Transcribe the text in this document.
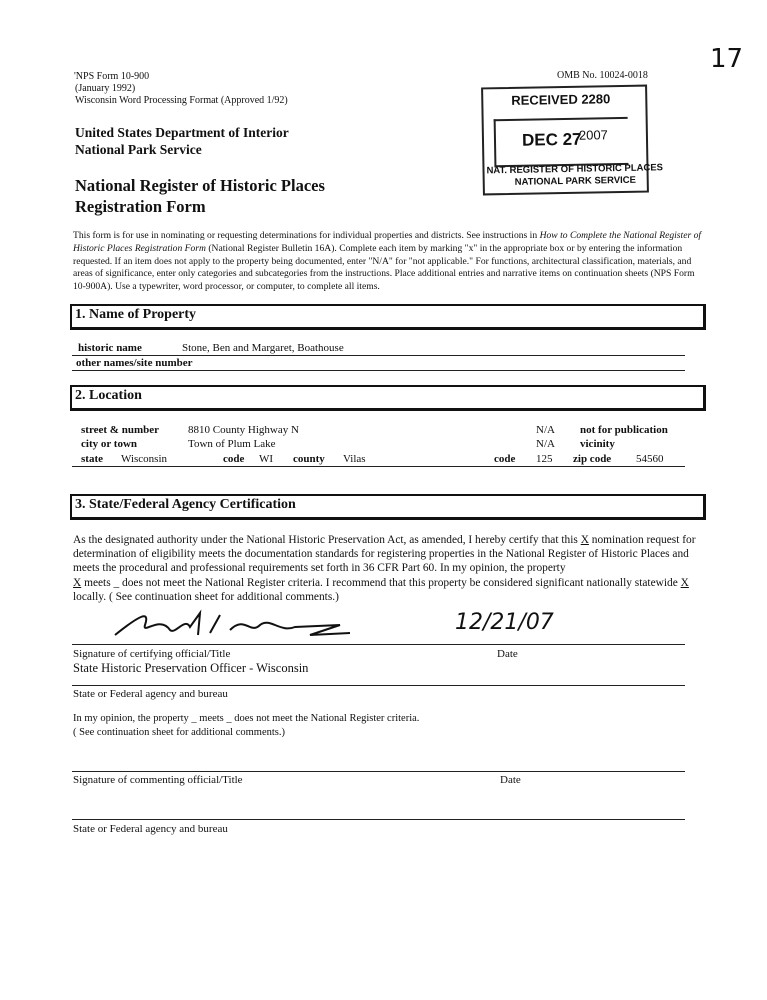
'NPS Form 10-900
(January 1992)
Wisconsin Word Processing Format (Approved 1/92)
OMB No. 10024-0018
17
United States Department of Interior
National Park Service
National Register of Historic Places
Registration Form
RECEIVED 2280
DEC 27
2007
NAT. REGISTER OF HISTORIC PLACES
NATIONAL PARK SERVICE
This form is for use in nominating or requesting determinations for individual properties and districts. See instructions in How to Complete the National Register of Historic Places Registration Form (National Register Bulletin 16A). Complete each item by marking "x" in the appropriate box or by entering the information requested. If an item does not apply to the property being documented, enter "N/A" for "not applicable." For functions, architectural classification, materials, and areas of significance, enter only categories and subcategories from the instructions. Place additional entries and narrative items on continuation sheets (NPS Form 10-900A). Use a typewriter, word processor, or computer, to complete all items.
1. Name of Property
historic name	Stone, Ben and Margaret, Boathouse
other names/site number
2. Location
street & number	8810 County Highway N	N/A not for publication
city or town	Town of Plum Lake	N/A vicinity
state Wisconsin	code WI county Vilas	code 125 zip code 54560
3. State/Federal Agency Certification
As the designated authority under the National Historic Preservation Act, as amended, I hereby certify that this X nomination request for determination of eligibility meets the documentation standards for registering properties in the National Register of Historic Places and meets the procedural and professional requirements set forth in 36 CFR Part 60. In my opinion, the property
X meets _ does not meet the National Register criteria. I recommend that this property be considered significant nationally statewide X locally. ( See continuation sheet for additional comments.)
12/21/07
Signature of certifying official/Title	Date
State Historic Preservation Officer - Wisconsin
State or Federal agency and bureau
In my opinion, the property _ meets _ does not meet the National Register criteria.
( See continuation sheet for additional comments.)
Signature of commenting official/Title	Date
State or Federal agency and bureau
